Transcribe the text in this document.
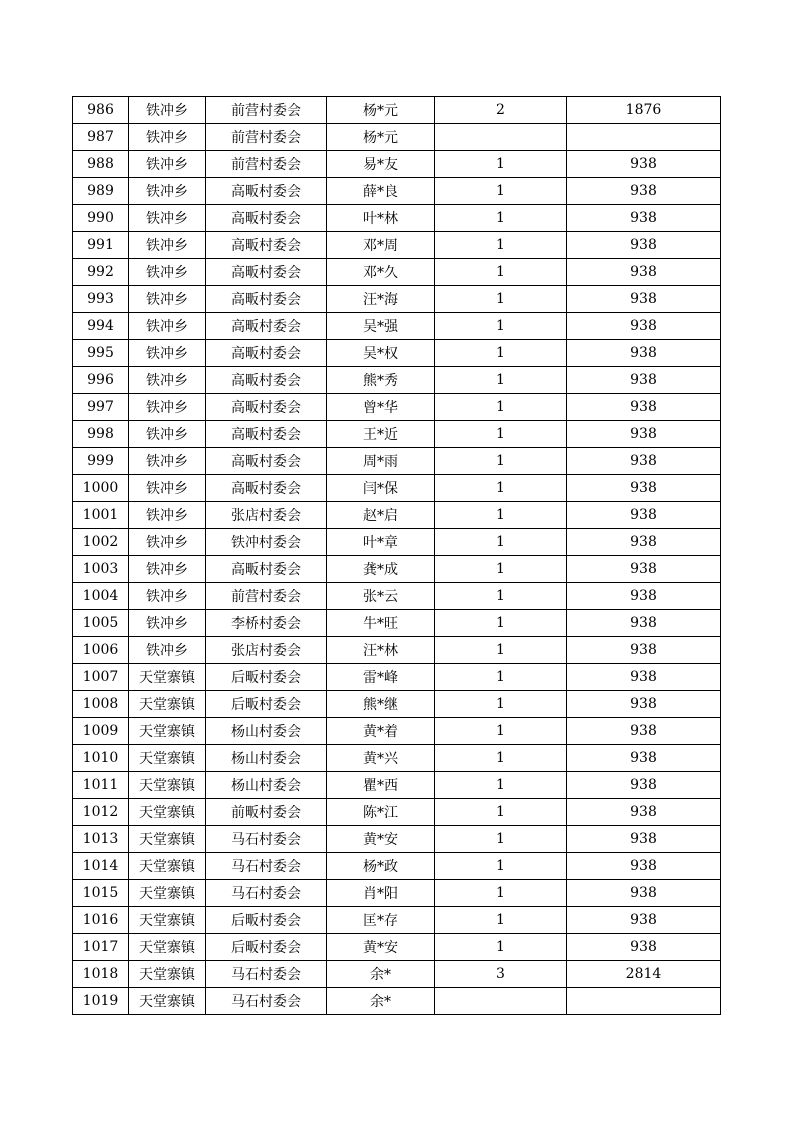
986	铁冲乡	前营村委会	杨*元	2	1876
987	铁冲乡	前营村委会	杨*元		
988	铁冲乡	前营村委会	易*友	1	938
989	铁冲乡	高畈村委会	薛*良	1	938
990	铁冲乡	高畈村委会	叶*林	1	938
991	铁冲乡	高畈村委会	邓*周	1	938
992	铁冲乡	高畈村委会	邓*久	1	938
993	铁冲乡	高畈村委会	汪*海	1	938
994	铁冲乡	高畈村委会	吴*强	1	938
995	铁冲乡	高畈村委会	吴*权	1	938
996	铁冲乡	高畈村委会	熊*秀	1	938
997	铁冲乡	高畈村委会	曾*华	1	938
998	铁冲乡	高畈村委会	王*近	1	938
999	铁冲乡	高畈村委会	周*雨	1	938
1000	铁冲乡	高畈村委会	闫*保	1	938
1001	铁冲乡	张店村委会	赵*启	1	938
1002	铁冲乡	铁冲村委会	叶*章	1	938
1003	铁冲乡	高畈村委会	龚*成	1	938
1004	铁冲乡	前营村委会	张*云	1	938
1005	铁冲乡	李桥村委会	牛*旺	1	938
1006	铁冲乡	张店村委会	汪*林	1	938
1007	天堂寨镇	后畈村委会	雷*峰	1	938
1008	天堂寨镇	后畈村委会	熊*继	1	938
1009	天堂寨镇	杨山村委会	黄*着	1	938
1010	天堂寨镇	杨山村委会	黄*兴	1	938
1011	天堂寨镇	杨山村委会	瞿*西	1	938
1012	天堂寨镇	前畈村委会	陈*江	1	938
1013	天堂寨镇	马石村委会	黄*安	1	938
1014	天堂寨镇	马石村委会	杨*政	1	938
1015	天堂寨镇	马石村委会	肖*阳	1	938
1016	天堂寨镇	后畈村委会	匡*存	1	938
1017	天堂寨镇	后畈村委会	黄*安	1	938
1018	天堂寨镇	马石村委会	余*	3	2814
1019	天堂寨镇	马石村委会	余*		
